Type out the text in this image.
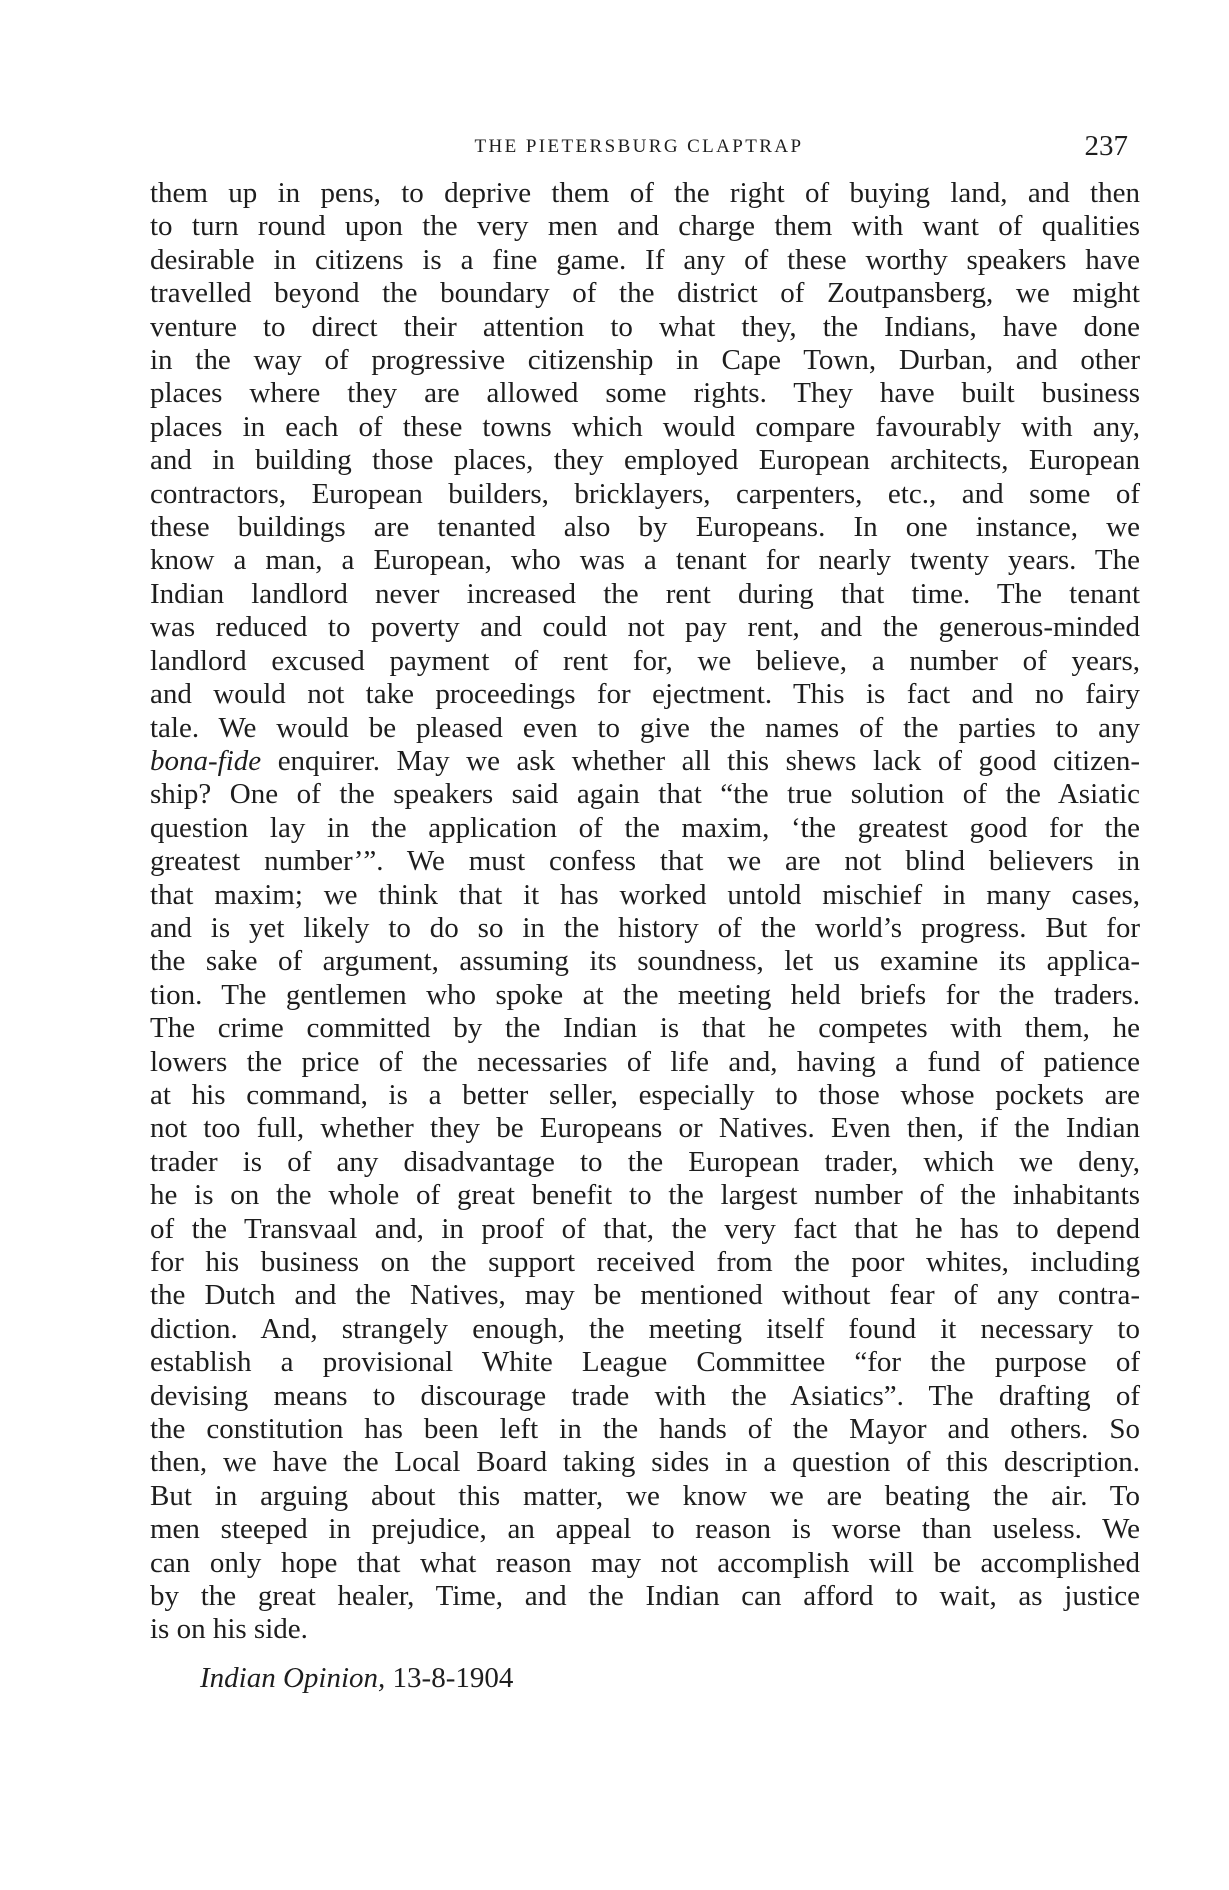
THE PIETERSBURG CLAPTRAP	237
them up in pens, to deprive them of the right of buying land, and then
to turn round upon the very men and charge them with want of qualities
desirable in citizens is a fine game. If any of these worthy speakers have
travelled beyond the boundary of the district of Zoutpansberg, we might
venture to direct their attention to what they, the Indians, have done
in the way of progressive citizenship in Cape Town, Durban, and other
places where they are allowed some rights. They have built business
places in each of these towns which would compare favourably with any,
and in building those places, they employed European architects, European
contractors, European builders, bricklayers, carpenters, etc., and some of
these buildings are tenanted also by Europeans. In one instance, we
know a man, a European, who was a tenant for nearly twenty years. The
Indian landlord never increased the rent during that time. The tenant
was reduced to poverty and could not pay rent, and the generous-minded
landlord excused payment of rent for, we believe, a number of years,
and would not take proceedings for ejectment. This is fact and no fairy
tale. We would be pleased even to give the names of the parties to any
bona-fide enquirer. May we ask whether all this shews lack of good citizen-
ship? One of the speakers said again that “the true solution of the Asiatic
question lay in the application of the maxim, ‘the greatest good for the
greatest number’”. We must confess that we are not blind believers in
that maxim; we think that it has worked untold mischief in many cases,
and is yet likely to do so in the history of the world’s progress. But for
the sake of argument, assuming its soundness, let us examine its applica-
tion. The gentlemen who spoke at the meeting held briefs for the traders.
The crime committed by the Indian is that he competes with them, he
lowers the price of the necessaries of life and, having a fund of patience
at his command, is a better seller, especially to those whose pockets are
not too full, whether they be Europeans or Natives. Even then, if the Indian
trader is of any disadvantage to the European trader, which we deny,
he is on the whole of great benefit to the largest number of the inhabitants
of the Transvaal and, in proof of that, the very fact that he has to depend
for his business on the support received from the poor whites, including
the Dutch and the Natives, may be mentioned without fear of any contra-
diction. And, strangely enough, the meeting itself found it necessary to
establish a provisional White League Committee “for the purpose of
devising means to discourage trade with the Asiatics”. The drafting of
the constitution has been left in the hands of the Mayor and others. So
then, we have the Local Board taking sides in a question of this description.
But in arguing about this matter, we know we are beating the air. To
men steeped in prejudice, an appeal to reason is worse than useless. We
can only hope that what reason may not accomplish will be accomplished
by the great healer, Time, and the Indian can afford to wait, as justice
is on his side.
Indian Opinion, 13-8-1904
